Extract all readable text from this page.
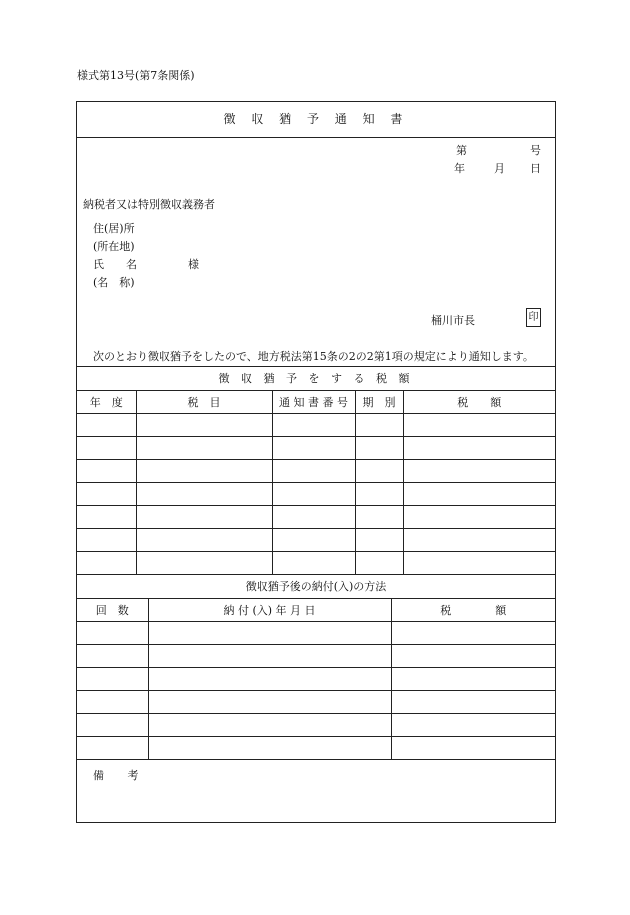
様式第13号(第7条関係)
徴 収 猶 予 通 知 書
第	号
年	月 日
納税者又は特別徴収義務者
住(居)所
(所在地)
氏　　名	様
(名　称)
桶川市長	印
次のとおり徴収猶予をしたので、地方税法第15条の2の2第1項の規定により通知します。
徴 収 猶 予 を す る 税 額
年　度	税　目	通 知 書 番 号	期　別	税　　額

徴収猶予後の納付(入)の方法
回　数	納 付 (入) 年 月 日	税　　　　額

備 考
